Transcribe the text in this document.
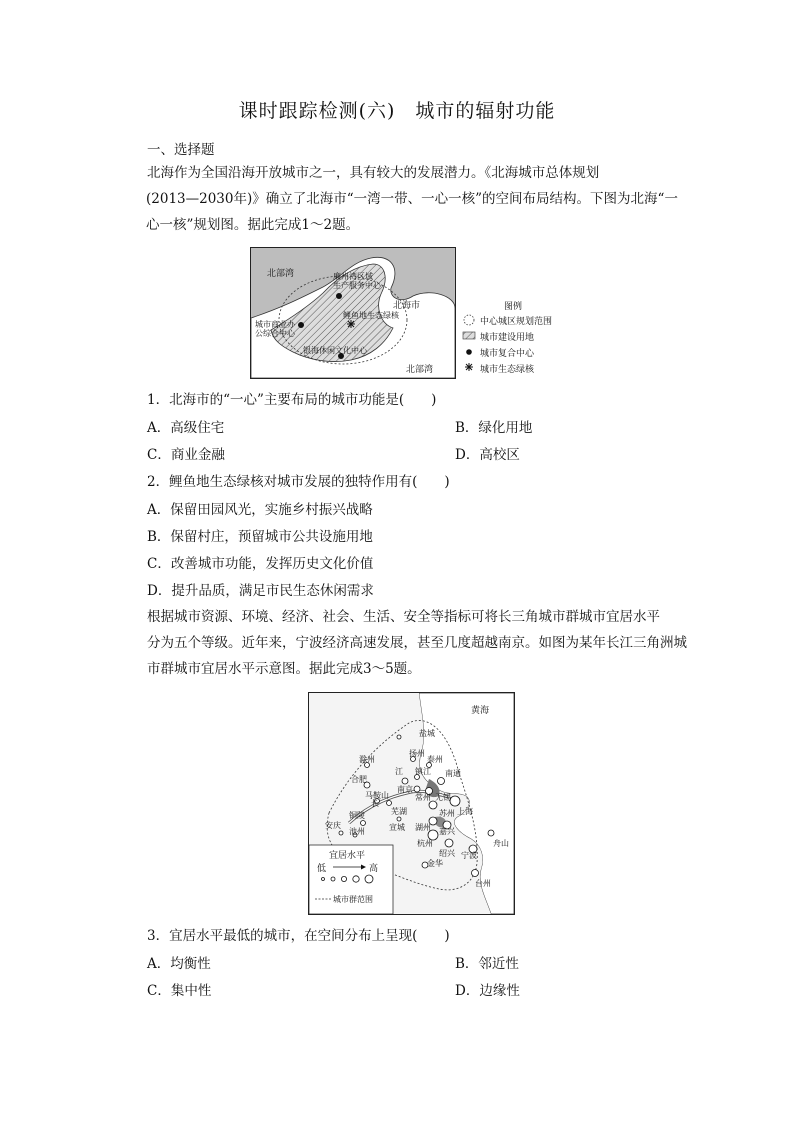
课时跟踪检测(六)　城市的辐射功能
一、选择题
北海作为全国沿海开放城市之一，具有较大的发展潜力。《北海城市总体规划
(2013—2030年)》确立了北海市“一湾一带、一心一核”的空间布局结构。下图为北海“一
心一核”规划图。据此完成1～2题。
北部湾
北部湾
北海市
廉州湾区域
生产服务中心
城市商业办
公综合中心
鲤鱼地生态绿核
银海休闲文化中心
图例
中心城区规划范围
城市建设用地
城市复合中心
城市生态绿核
1．北海市的“一心”主要布局的城市功能是(　　)
A．高级住宅	B．绿化用地
C．商业金融	D．高校区
2．鲤鱼地生态绿核对城市发展的独特作用有(　　)
A．保留田园风光，实施乡村振兴战略
B．保留村庄，预留城市公共设施用地
C．改善城市功能，发挥历史文化价值
D．提升品质，满足市民生态休闲需求
根据城市资源、环境、经济、社会、生活、安全等指标可将长三角城市群城市宜居水平
分为五个等级。近年来，宁波经济高速发展，甚至几度超越南京。如图为某年长江三角洲城
市群城市宜居水平示意图。据此完成3～5题。
黄海
盐城
扬州
泰州
滁州
合肥
南京
镇江 南通
常州 无锡
马鞍山
芜湖	苏州 上海
铜陵
宣城 湖州 嘉兴
安庆
池州
杭州
绍兴 宁波
舟山
金华
台州
江
长
宜居水平
低	高
城市群范围
3．宜居水平最低的城市，在空间分布上呈现(　　)
A．均衡性	B．邻近性
C．集中性	D．边缘性
